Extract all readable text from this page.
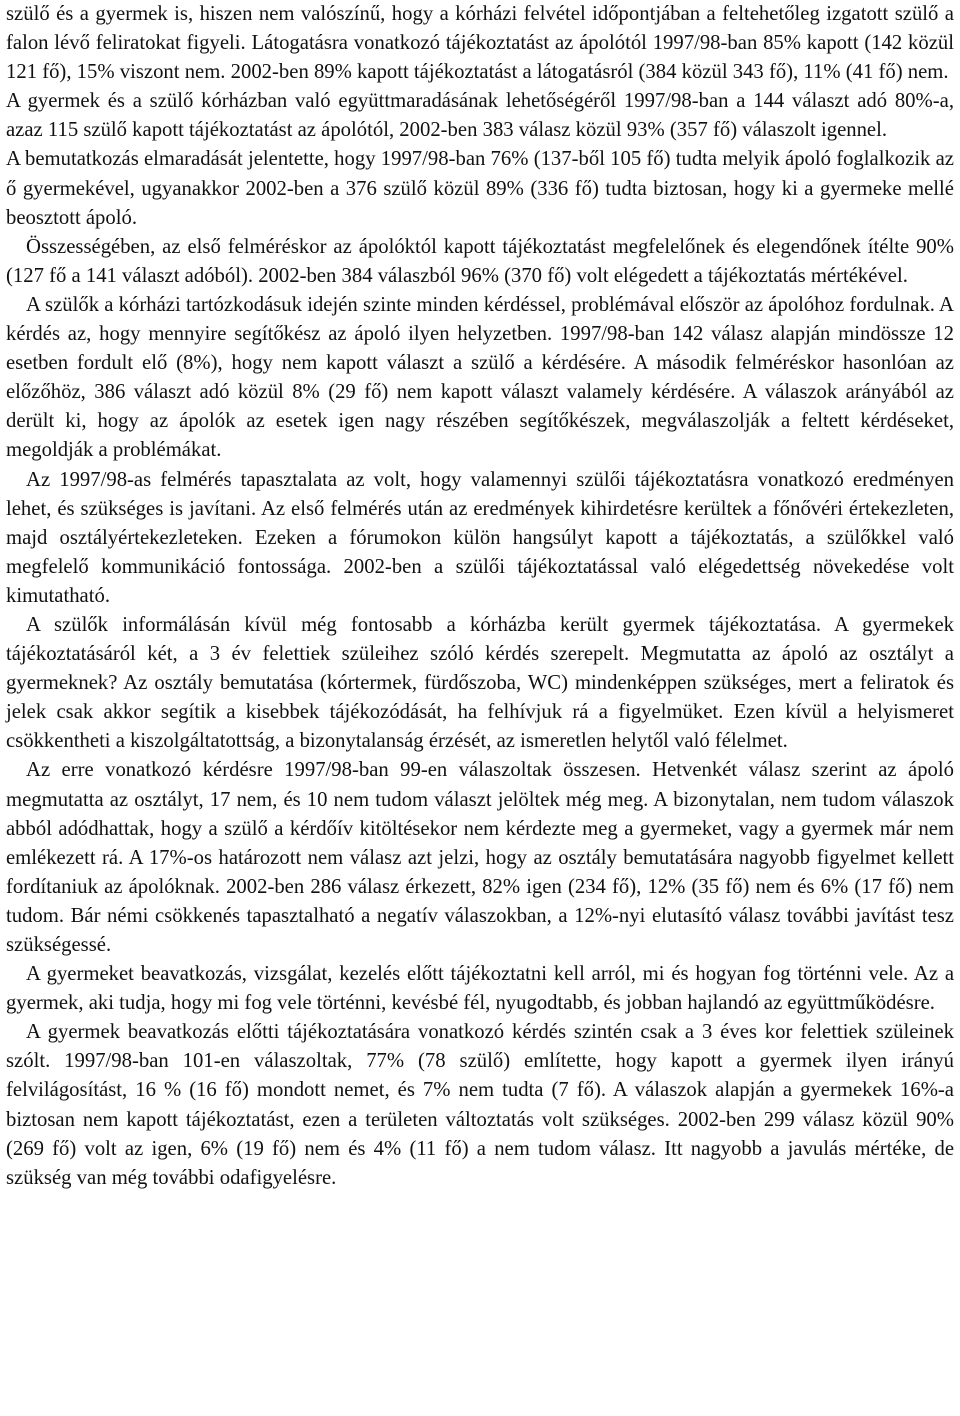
szülő és a gyermek is, hiszen nem valószínű, hogy a kórházi felvétel időpontjában a feltehetőleg izgatott szülő a falon lévő feliratokat figyeli. Látogatásra vonatkozó tájékoztatást az ápolótól 1997/98-ban 85% kapott (142 közül 121 fő), 15% viszont nem. 2002-ben 89% kapott tájékoztatást a látogatásról (384 közül 343 fő), 11% (41 fő) nem.

A gyermek és a szülő kórházban való együttmaradásának lehetőségéről 1997/98-ban a 144 választ adó 80%-a, azaz 115 szülő kapott tájékoztatást az ápolótól, 2002-ben 383 válasz közül 93% (357 fő) válaszolt igennel.

A bemutatkozás elmaradását jelentette, hogy 1997/98-ban 76% (137-ből 105 fő) tudta melyik ápoló foglalkozik az ő gyermekével, ugyanakkor 2002-ben a 376 szülő közül 89% (336 fő) tudta biztosan, hogy ki a gyermeke mellé beosztott ápoló.

Összességében, az első felméréskor az ápolóktól kapott tájékoztatást megfelelőnek és elegendőnek ítélte 90% (127 fő a 141 választ adóból). 2002-ben 384 válaszból 96% (370 fő) volt elégedett a tájékoztatás mértékével.

A szülők a kórházi tartózkodásuk idején szinte minden kérdéssel, problémával először az ápolóhoz fordulnak. A kérdés az, hogy mennyire segítőkész az ápoló ilyen helyzetben. 1997/98-ban 142 válasz alapján mindössze 12 esetben fordult elő (8%), hogy nem kapott választ a szülő a kérdésére. A második felméréskor hasonlóan az előzőhöz, 386 választ adó közül 8% (29 fő) nem kapott választ valamely kérdésére. A válaszok arányából az derült ki, hogy az ápolók az esetek igen nagy részében segítőkészek, megválaszolják a feltett kérdéseket, megoldják a problémákat.

Az 1997/98-as felmérés tapasztalata az volt, hogy valamennyi szülői tájékoztatásra vonatkozó eredményen lehet, és szükséges is javítani. Az első felmérés után az eredmények kihirdetésre kerültek a főnővéri értekezleten, majd osztályértekezleteken. Ezeken a fórumokon külön hangsúlyt kapott a tájékoztatás, a szülőkkel való megfelelő kommunikáció fontossága. 2002-ben a szülői tájékoztatással való elégedettség növekedése volt kimutatható.

A szülők informálásán kívül még fontosabb a kórházba került gyermek tájékoztatása. A gyermekek tájékoztatásáról két, a 3 év felettiek szüleihez szóló kérdés szerepelt. Megmutatta az ápoló az osztályt a gyermeknek? Az osztály bemutatása (kórtermek, fürdőszoba, WC) mindenképpen szükséges, mert a feliratok és jelek csak akkor segítik a kisebbek tájékozódását, ha felhívjuk rá a figyelmüket. Ezen kívül a helyismeret csökkentheti a kiszolgáltatottság, a bizonytalanság érzését, az ismeretlen helytől való félelmet.

Az erre vonatkozó kérdésre 1997/98-ban 99-en válaszoltak összesen. Hetvenkét válasz szerint az ápoló megmutatta az osztályt, 17 nem, és 10 nem tudom választ jelöltek még meg. A bizonytalan, nem tudom válaszok abból adódhattak, hogy a szülő a kérdőív kitöltésekor nem kérdezte meg a gyermeket, vagy a gyermek már nem emlékezett rá. A 17%-os határozott nem válasz azt jelzi, hogy az osztály bemutatására nagyobb figyelmet kellett fordítaniuk az ápolóknak. 2002-ben 286 válasz érkezett, 82% igen (234 fő), 12% (35 fő) nem és 6% (17 fő) nem tudom. Bár némi csökkenés tapasztalható a negatív válaszokban, a 12%-nyi elutasító válasz további javítást tesz szükségessé.

A gyermeket beavatkozás, vizsgálat, kezelés előtt tájékoztatni kell arról, mi és hogyan fog történni vele. Az a gyermek, aki tudja, hogy mi fog vele történni, kevésbé fél, nyugodtabb, és jobban hajlandó az együttműködésre.

A gyermek beavatkozás előtti tájékoztatására vonatkozó kérdés szintén csak a 3 éves kor felettiek szüleinek szólt. 1997/98-ban 101-en válaszoltak, 77% (78 szülő) említette, hogy kapott a gyermek ilyen irányú felvilágosítást, 16 % (16 fő) mondott nemet, és 7% nem tudta (7 fő). A válaszok alapján a gyermekek 16%-a biztosan nem kapott tájékoztatást, ezen a területen változtatás volt szükséges. 2002-ben 299 válasz közül 90% (269 fő) volt az igen, 6% (19 fő) nem és 4% (11 fő) a nem tudom válasz. Itt nagyobb a javulás mértéke, de szükség van még további odafigyelésre.
